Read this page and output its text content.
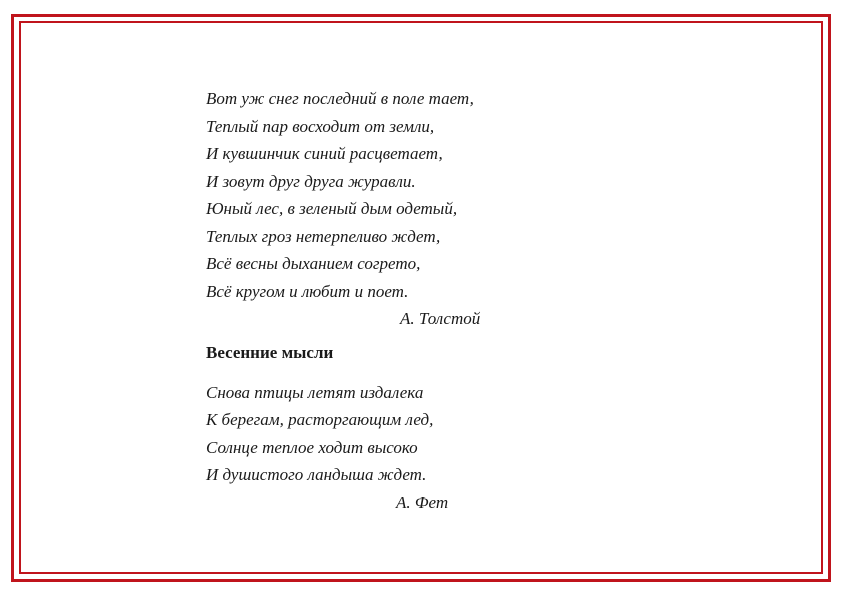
Вот уж снег последний в поле тает,
Теплый пар восходит от земли,
И кувшинчик синий расцветает,
И зовут друг друга журавли.
Юный лес, в зеленый дым одетый,
Теплых гроз нетерпеливо ждет,
Всё весны дыханием согрето,
Всё кругом и любит и поет.
А. Толстой
Весенние мысли
Снова птицы летят издалека
К берегам, расторгающим лед,
Солнце теплое ходит высоко
И душистого ландыша ждет.
А. Фет
